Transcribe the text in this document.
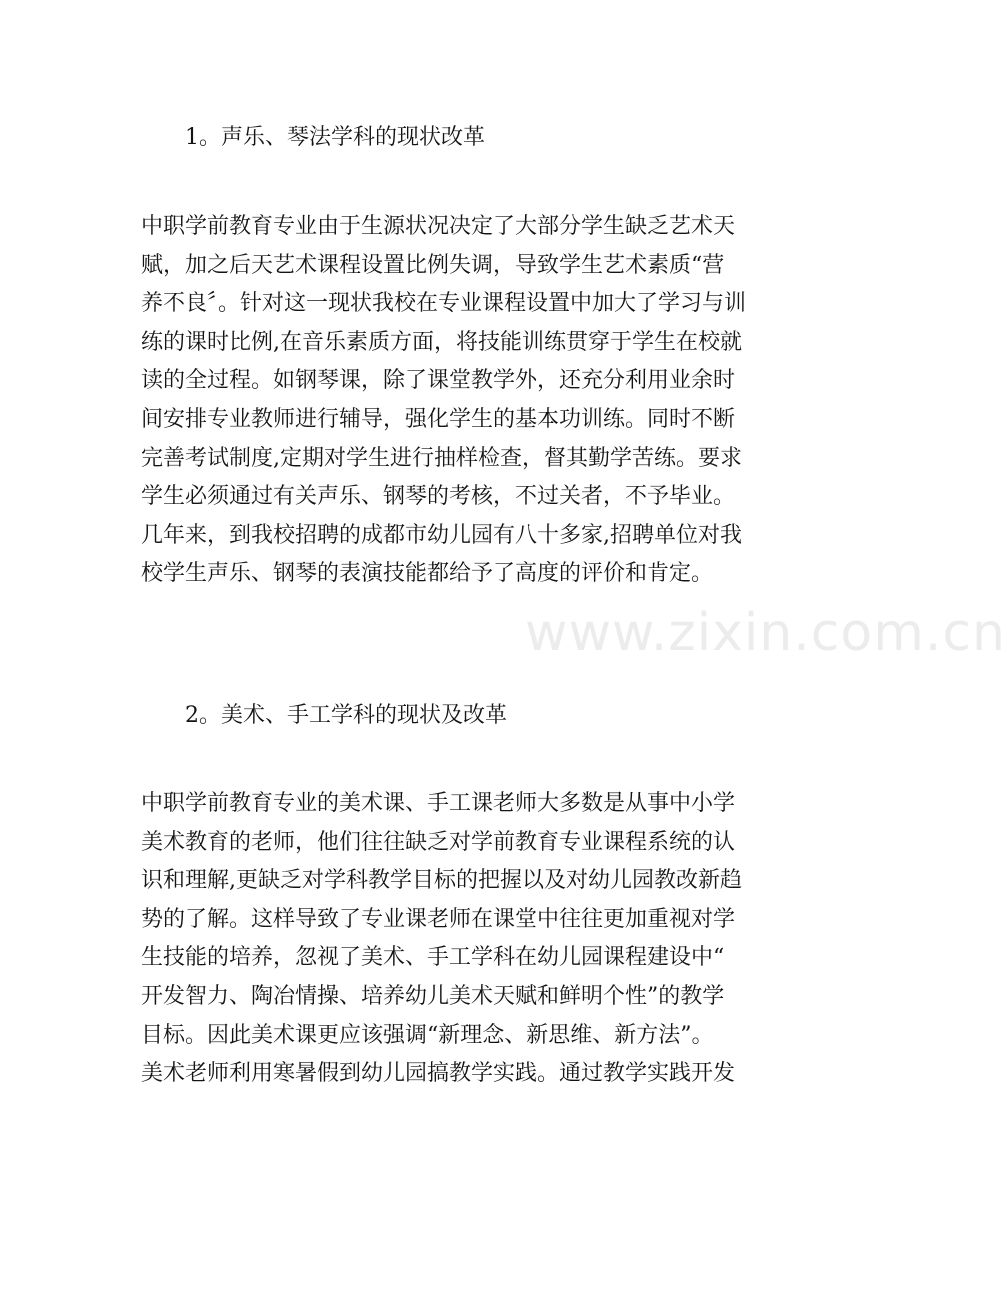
www.zixin.com.cn
1。声乐、琴法学科的现状改革
中职学前教育专业由于生源状况决定了大部分学生缺乏艺术天
赋，加之后天艺术课程设置比例失调，导致学生艺术素质“营
养不良〞。针对这一现状我校在专业课程设置中加大了学习与训
练的课时比例,在音乐素质方面，将技能训练贯穿于学生在校就
读的全过程。如钢琴课，除了课堂教学外，还充分利用业余时
间安排专业教师进行辅导，强化学生的基本功训练。同时不断
完善考试制度,定期对学生进行抽样检查，督其勤学苦练。要求
学生必须通过有关声乐、钢琴的考核，不过关者，不予毕业。
几年来，到我校招聘的成都市幼儿园有八十多家,招聘单位对我
校学生声乐、钢琴的表演技能都给予了高度的评价和肯定。
2。美术、手工学科的现状及改革
中职学前教育专业的美术课、手工课老师大多数是从事中小学
美术教育的老师，他们往往缺乏对学前教育专业课程系统的认
识和理解,更缺乏对学科教学目标的把握以及对幼儿园教改新趋
势的了解。这样导致了专业课老师在课堂中往往更加重视对学
生技能的培养，忽视了美术、手工学科在幼儿园课程建设中“
开发智力、陶冶情操、培养幼儿美术天赋和鲜明个性”的教学
目标。因此美术课更应该强调“新理念、新思维、新方法”。
美术老师利用寒暑假到幼儿园搞教学实践。通过教学实践开发
